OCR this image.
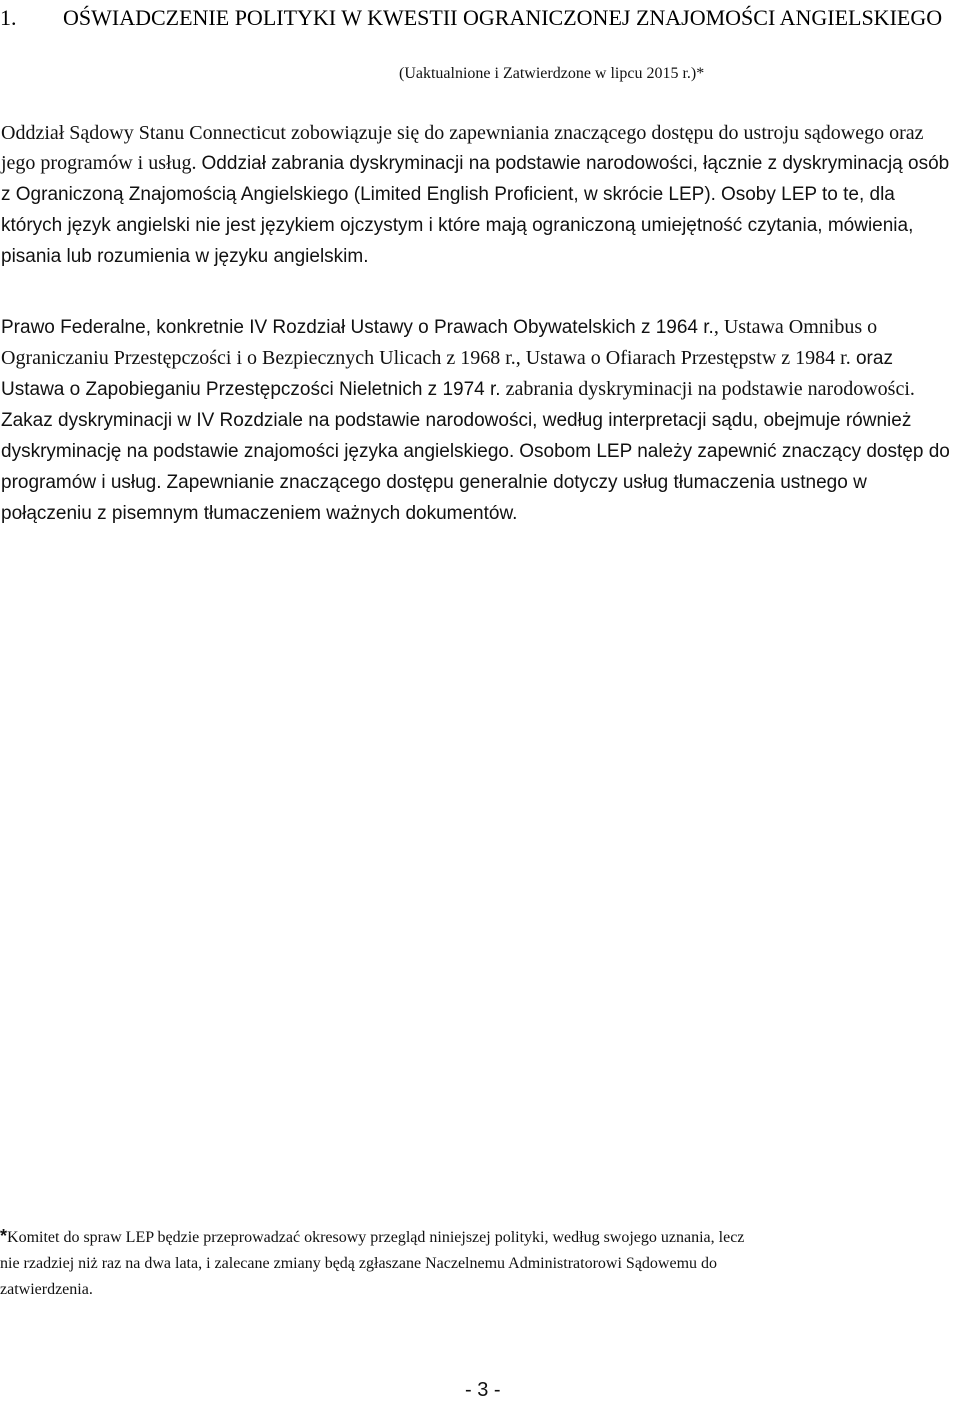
1.	OŚWIADCZENIE POLITYKI W KWESTII OGRANICZONEJ ZNAJOMOŚCI ANGIELSKIEGO
(Uaktualnione i Zatwierdzone w lipcu 2015 r.)*

Oddział Sądowy Stanu Connecticut zobowiązuje się do zapewniania znaczącego dostępu do ustroju sądowego oraz jego programów i usług. Oddział zabrania dyskryminacji na podstawie narodowości, łącznie z dyskryminacją osób z Ograniczoną Znajomością Angielskiego (Limited English Proficient, w skrócie LEP). Osoby LEP to te, dla których język angielski nie jest językiem ojczystym i które mają ograniczoną umiejętność czytania, mówienia, pisania lub rozumienia w języku angielskim.

Prawo Federalne, konkretnie IV Rozdział Ustawy o Prawach Obywatelskich z 1964 r., Ustawa Omnibus o Ograniczaniu Przestępczości i o Bezpiecznych Ulicach z 1968 r., Ustawa o Ofiarach Przestępstw z 1984 r. oraz Ustawa o Zapobieganiu Przestępczości Nieletnich z 1974 r. zabrania dyskryminacji na podstawie narodowości. Zakaz dyskryminacji w IV Rozdziale na podstawie narodowości, według interpretacji sądu, obejmuje również dyskryminację na podstawie znajomości języka angielskiego. Osobom LEP należy zapewnić znaczący dostęp do programów i usług. Zapewnianie znaczącego dostępu generalnie dotyczy usług tłumaczenia ustnego w połączeniu z pisemnym tłumaczeniem ważnych dokumentów.

*Komitet do spraw LEP będzie przeprowadzać okresowy przegląd niniejszej polityki, według swojego uznania, lecz
nie rzadziej niż raz na dwa lata, i zalecane zmiany będą zgłaszane Naczelnemu Administratorowi Sądowemu do
zatwierdzenia.
- 3 -
